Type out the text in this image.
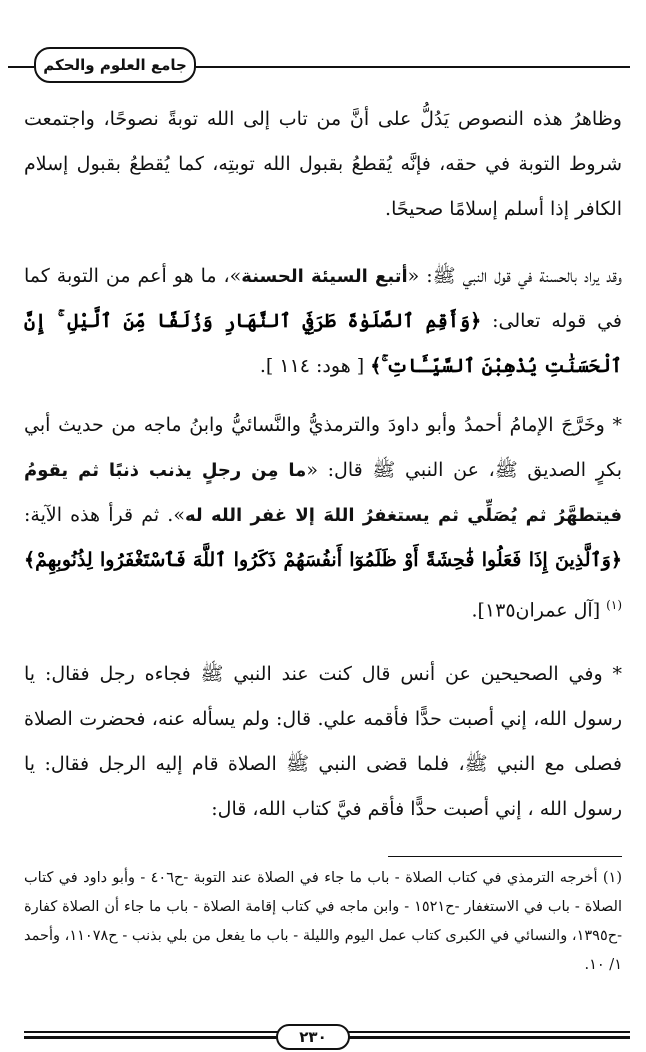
جامع العلوم والحكم
وظاهرُ هذه النصوص يَدُلُّ على أنَّ من تاب إلى الله توبةً نصوحًا، واجتمعت شروط التوبة في حقه، فإنَّه يُقطعُ بقبول الله توبتِه، كما يُقطعُ بقبول إسلام الكافر إذا أسلم إسلامًا صحيحًا.
وقد يراد بالحسنة في قول النبي ﷺ: «أتبع السيئة الحسنة»، ما هو أعم من التوبة كما في قوله تعالى: ﴿وَأَقِمِ ٱلصَّلَوٰةَ طَرَفَيِ ٱلنَّهَارِ وَزُلَفًا مِّنَ ٱلَّيْلِ ۚ إِنَّ ٱلْحَسَنَٰتِ يُذْهِبْنَ ٱلسَّيِّـَٔاتِ ۚ﴾ [ هود: ١١٤ ].
* وخَرَّجَ الإمامُ أحمدُ وأبو داودَ والترمذيُّ والنَّسائيُّ وابنُ ماجه من حديث أبي بكرٍ الصديق ﷺ، عن النبي ﷺ قال: «ما مِن رجلٍ يذنب ذنبًا ثم يقومُ فيتطهَّرُ ثم يُصَلِّي ثم يستغفرُ اللهَ إلا غفر الله له». ثم قرأ هذه الآية: ﴿وَٱلَّذِينَ إِذَا فَعَلُوا فَٰحِشَةً أَوْ ظَلَمُوٓا أَنفُسَهُمْ ذَكَرُوا ٱللَّهَ فَٱسْتَغْفَرُوا لِذُنُوبِهِمْ﴾$^{(١)}$ [آل عمران١٣٥].
* وفي الصحيحين عن أنس قال كنت عند النبي ﷺ فجاءه رجل فقال: يا رسول الله، إني أصبت حدًّا فأقمه علي. قال: ولم يسأله عنه، فحضرت الصلاة فصلى مع النبي ﷺ، فلما قضى النبي ﷺ الصلاة قام إليه الرجل فقال: يا رسول الله ، إني أصبت حدًّا فأقم فيَّ كتاب الله، قال:
(١) أخرجه الترمذي في كتاب الصلاة - باب ما جاء في الصلاة عند التوبة -ح٤٠٦ - وأبو داود في كتاب الصلاة - باب في الاستغفار -ح١٥٢١ - وابن ماجه في كتاب إقامة الصلاة - باب ما جاء أن الصلاة كفارة -ح١٣٩٥، والنسائي في الكبرى كتاب عمل اليوم والليلة - باب ما يفعل من بلي بذنب - ح١١٠٧٨، وأحمد ١/ ١٠.
٢٣٠
